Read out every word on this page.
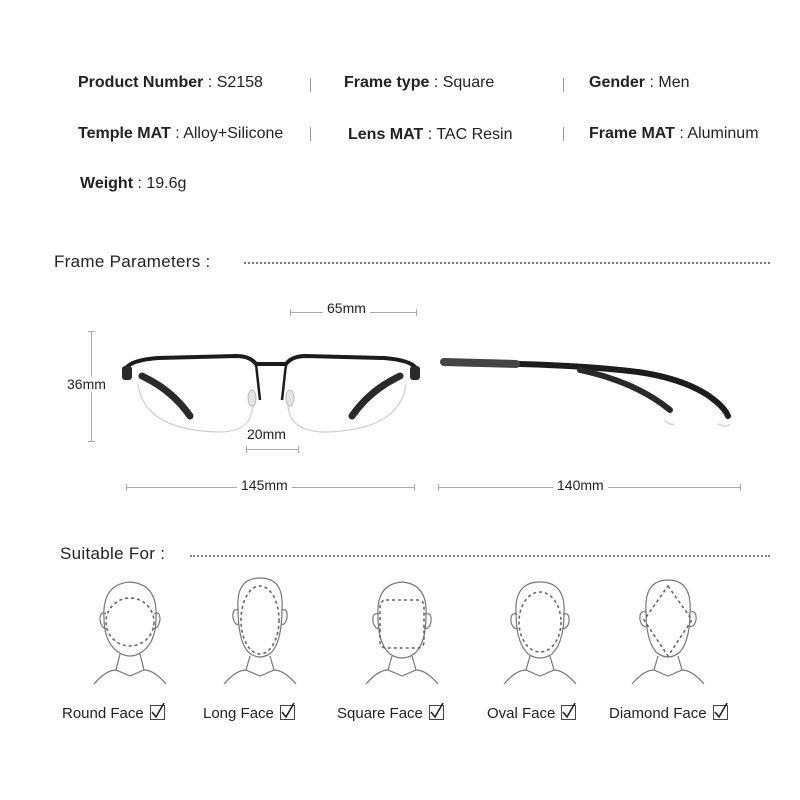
Product Number : S2158	Frame type : Square	Gender : Men
Temple MAT : Alloy+Silicone	Lens MAT : TAC Resin	Frame MAT : Aluminum
Weight : 19.6g
Frame Parameters :
65mm
36mm
20mm
145mm	140mm
Suitable For :
Round Face	Long Face	Square Face	Oval Face	Diamond Face
